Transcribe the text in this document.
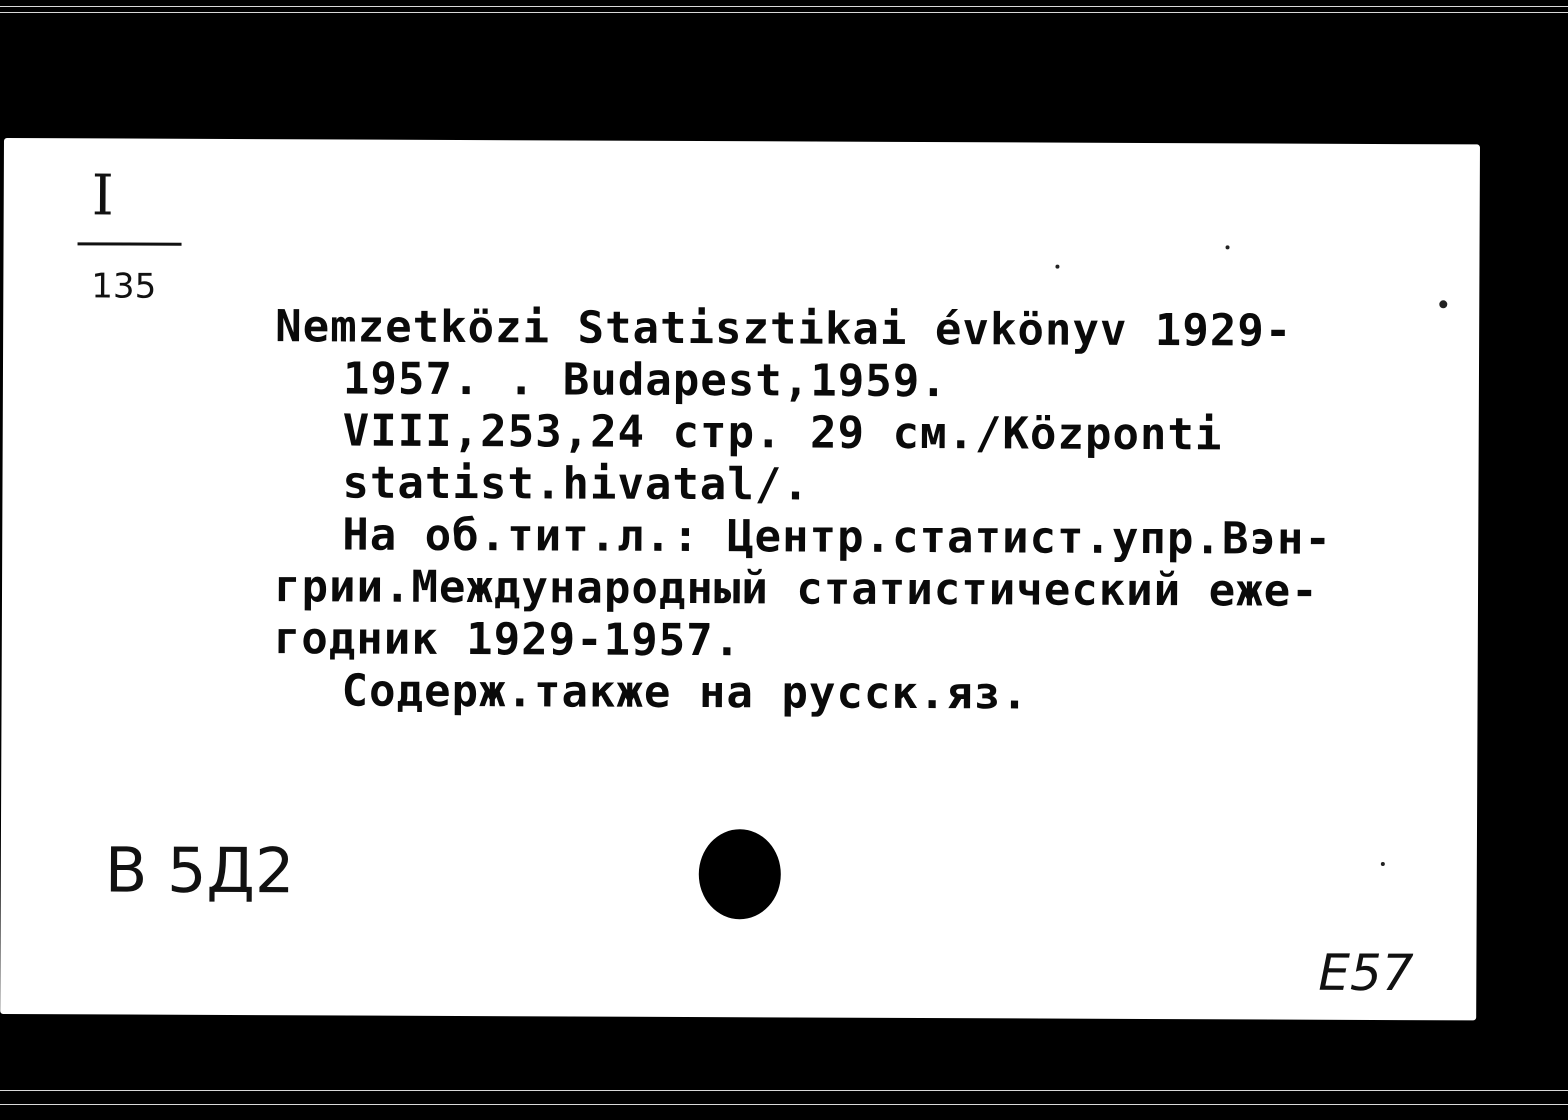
I
135
Nemzetközi Statisztikai évkönyv 1929-
1957. . Budapest,1959.
VIII,253,24 стр. 29 см./Központi
statist.hivatal/.
На об.тит.л.: Центр.статист.упр.Вэн-
грии.Международный статистический еже-
годник 1929-1957.
Содерж.также на русск.яз.
В 5Д2
E57
